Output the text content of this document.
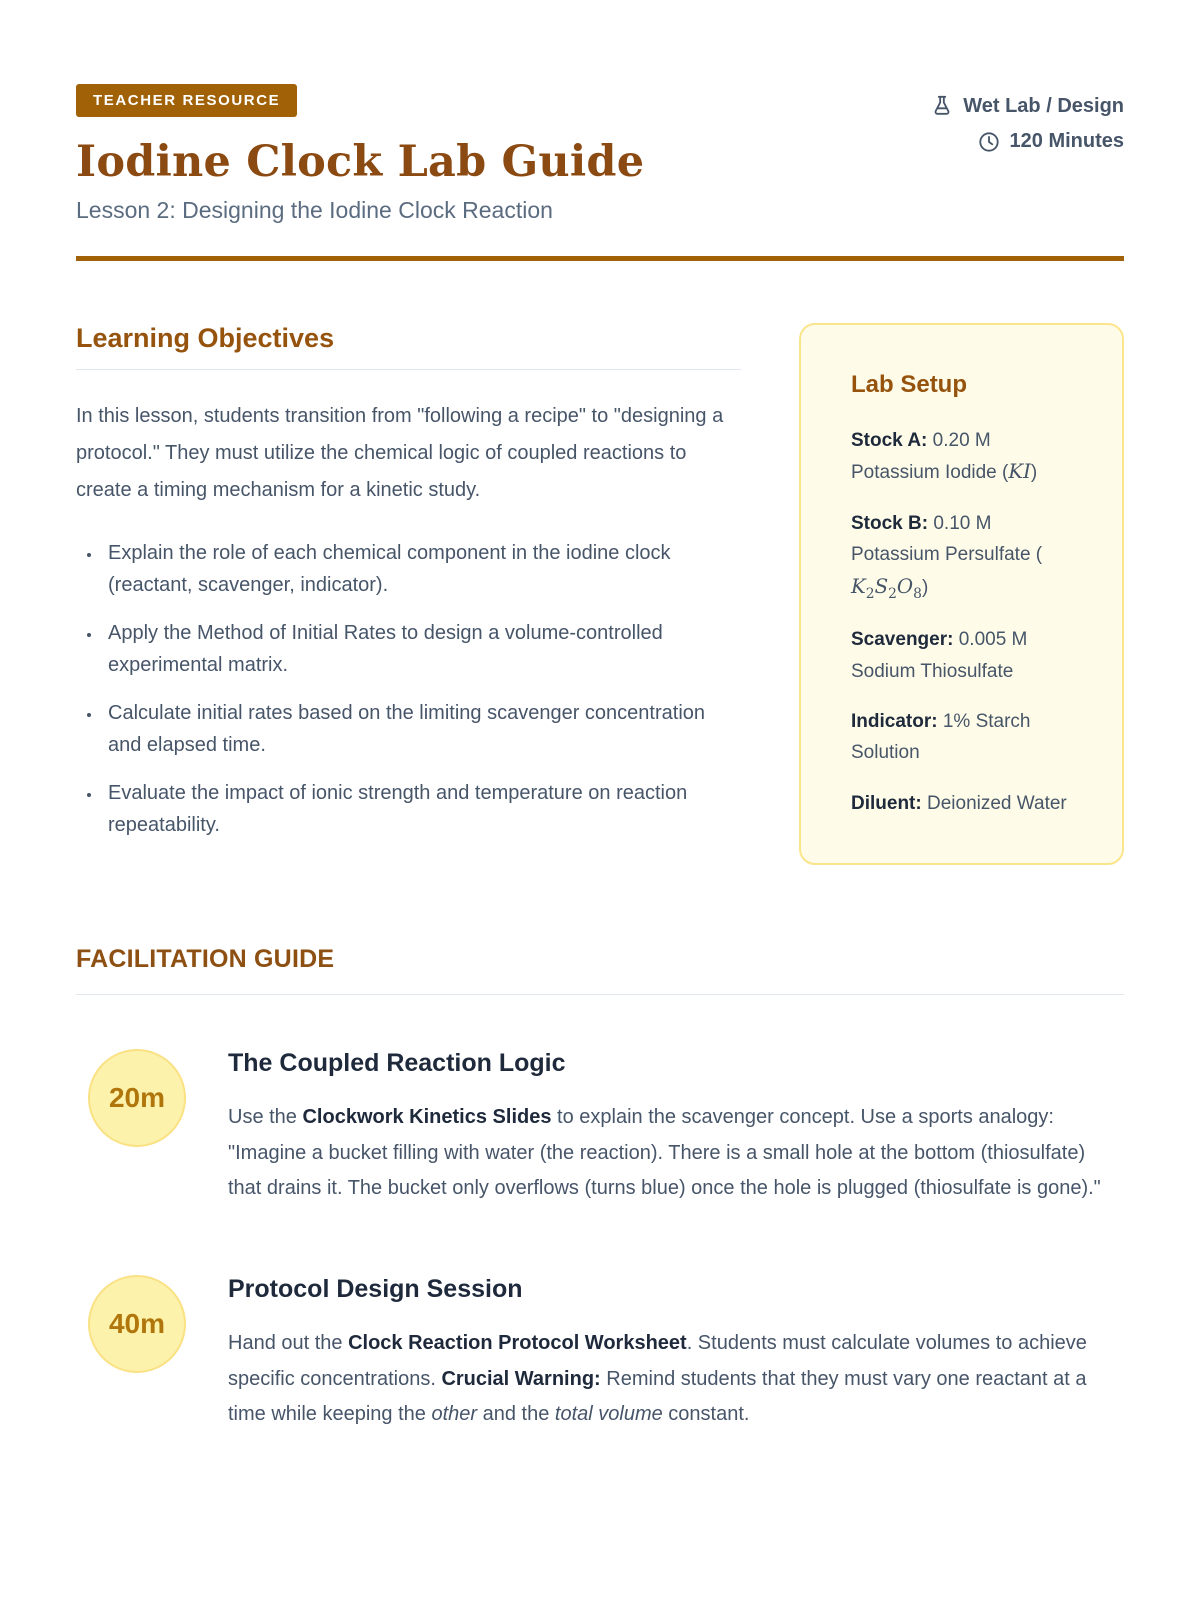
TEACHER RESOURCE
Iodine Clock Lab Guide
Lesson 2: Designing the Iodine Clock Reaction
Wet Lab / Design
120 Minutes
Learning Objectives

In this lesson, students transition from "following a recipe" to "designing a protocol." They must utilize the chemical logic of coupled reactions to create a timing mechanism for a kinetic study.

• Explain the role of each chemical component in the iodine clock (reactant, scavenger, indicator).
• Apply the Method of Initial Rates to design a volume-controlled experimental matrix.
• Calculate initial rates based on the limiting scavenger concentration and elapsed time.
• Evaluate the impact of ionic strength and temperature on reaction repeatability.
Lab Setup

Stock A: 0.20 M Potassium Iodide (KI)

Stock B: 0.10 M Potassium Persulfate $(K_2S_2O_8)$

Scavenger: 0.005 M Sodium Thiosulfate

Indicator: 1% Starch Solution

Diluent: Deionized Water

FACILITATION GUIDE
20m
The Coupled Reaction Logic

Use the Clockwork Kinetics Slides to explain the scavenger concept. Use a sports analogy: "Imagine a bucket filling with water (the reaction). There is a small hole at the bottom (thiosulfate) that drains it. The bucket only overflows (turns blue) once the hole is plugged (thiosulfate is gone)."

40m
Protocol Design Session

Hand out the Clock Reaction Protocol Worksheet. Students must calculate volumes to achieve specific concentrations. Crucial Warning: Remind students that they must vary one reactant at a time while keeping the other and the total volume constant.
